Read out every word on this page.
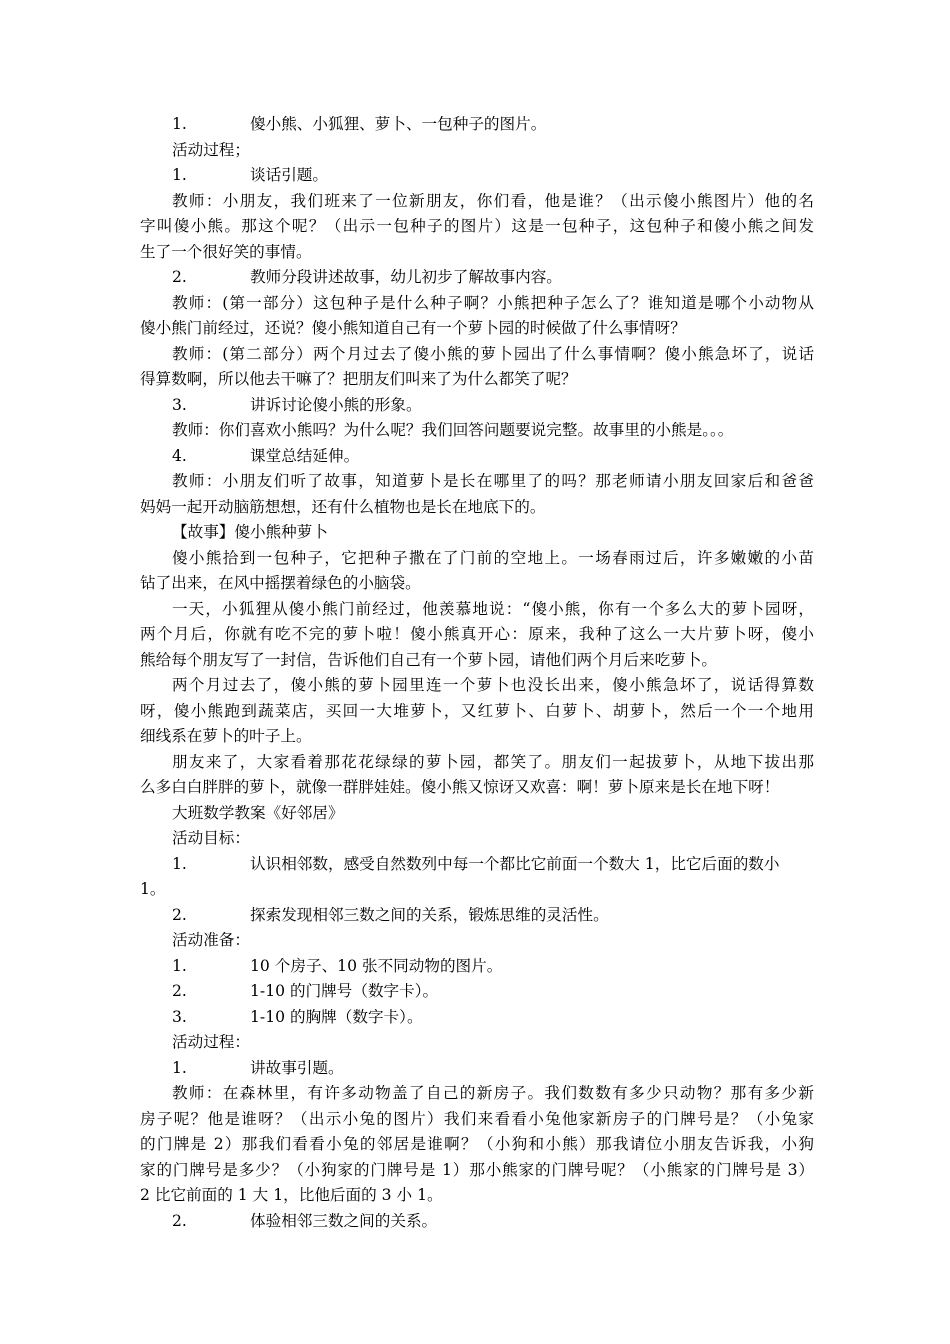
1.	傻小熊、小狐狸、萝卜、一包种子的图片。
活动过程；
1.	谈话引题。
教师：小朋友，我们班来了一位新朋友，你们看，他是谁？（出示傻小熊图片）他的名
字叫傻小熊。那这个呢？（出示一包种子的图片）这是一包种子，这包种子和傻小熊之间发
生了一个很好笑的事情。
2.	教师分段讲述故事，幼儿初步了解故事内容。
教师：(第一部分）这包种子是什么种子啊？小熊把种子怎么了？谁知道是哪个小动物从
傻小熊门前经过，还说？傻小熊知道自己有一个萝卜园的时候做了什么事情呀？
教师：(第二部分）两个月过去了傻小熊的萝卜园出了什么事情啊？傻小熊急坏了，说话
得算数啊，所以他去干嘛了？把朋友们叫来了为什么都笑了呢？
3.	讲诉讨论傻小熊的形象。
教师：你们喜欢小熊吗？为什么呢？我们回答问题要说完整。故事里的小熊是。。。
4.	课堂总结延伸。
教师：小朋友们听了故事，知道萝卜是长在哪里了的吗？那老师请小朋友回家后和爸爸
妈妈一起开动脑筋想想，还有什么植物也是长在地底下的。
【故事】傻小熊种萝卜
傻小熊拾到一包种子，它把种子撒在了门前的空地上。一场春雨过后，许多嫩嫩的小苗
钻了出来，在风中摇摆着绿色的小脑袋。
一天，小狐狸从傻小熊门前经过，他羡慕地说：“傻小熊，你有一个多么大的萝卜园呀，
两个月后，你就有吃不完的萝卜啦！傻小熊真开心：原来，我种了这么一大片萝卜呀，傻小
熊给每个朋友写了一封信，告诉他们自己有一个萝卜园，请他们两个月后来吃萝卜。
两个月过去了，傻小熊的萝卜园里连一个萝卜也没长出来，傻小熊急坏了，说话得算数
呀，傻小熊跑到蔬菜店，买回一大堆萝卜，又红萝卜、白萝卜、胡萝卜，然后一个一个地用
细线系在萝卜的叶子上。
朋友来了，大家看着那花花绿绿的萝卜园，都笑了。朋友们一起拔萝卜，从地下拔出那
么多白白胖胖的萝卜，就像一群胖娃娃。傻小熊又惊讶又欢喜：啊！萝卜原来是长在地下呀！
大班数学教案《好邻居》
活动目标：
1.	认识相邻数，感受自然数列中每一个都比它前面一个数大 1，比它后面的数小
1。
2.	探索发现相邻三数之间的关系，锻炼思维的灵活性。
活动准备：
1.	10 个房子、10 张不同动物的图片。
2.	1-10 的门牌号（数字卡）。
3.	1-10 的胸牌（数字卡）。
活动过程：
1.	讲故事引题。
教师：在森林里，有许多动物盖了自己的新房子。我们数数有多少只动物？那有多少新
房子呢？他是谁呀？（出示小兔的图片）我们来看看小兔他家新房子的门牌号是？（小兔家
的门牌是 2）那我们看看小兔的邻居是谁啊？（小狗和小熊）那我请位小朋友告诉我，小狗
家的门牌号是多少？（小狗家的门牌号是 1）那小熊家的门牌号呢？（小熊家的门牌号是 3）
2 比它前面的 1 大 1，比他后面的 3 小 1。
2.	体验相邻三数之间的关系。
